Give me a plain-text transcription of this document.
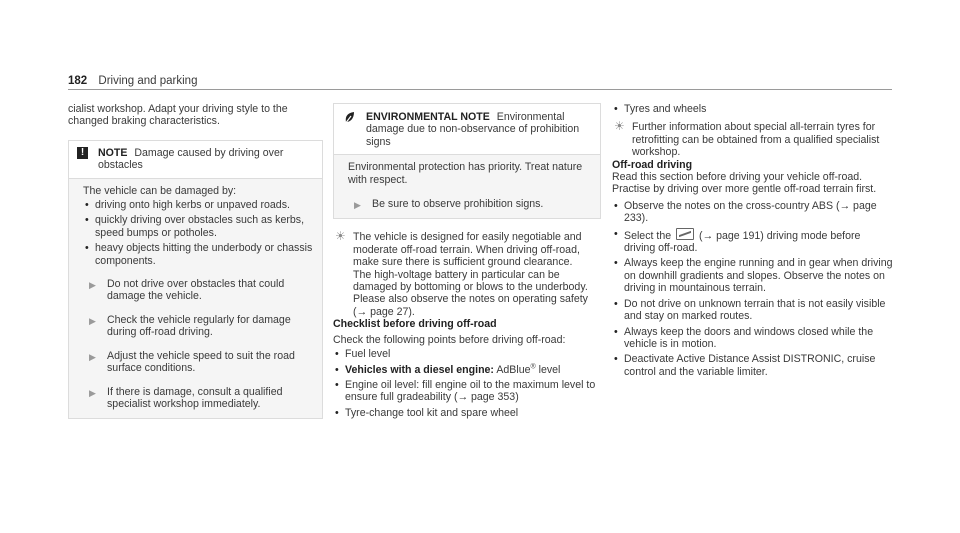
182 Driving and parking

cialist workshop. Adapt your driving style to the changed braking characteristics.

!	NOTE Damage caused by driving over obstacles

The vehicle can be damaged by:

• driving onto high kerbs or unpaved roads.
• quickly driving over obstacles such as kerbs, speed bumps or potholes.
• heavy objects hitting the underbody or chassis components.
▶ Do not drive over obstacles that could damage the vehicle.
▶ Check the vehicle regularly for damage during off-road driving.
▶ Adjust the vehicle speed to suit the road surface conditions.
▶ If there is damage, consult a qualified specialist workshop immediately.
ENVIRONMENTAL NOTE Environmental damage due to non-observance of prohibition signs

Environmental protection has priority. Treat nature with respect.

▶ Be sure to observe prohibition signs.
☀ The vehicle is designed for easily negotiable and moderate off-road terrain. When driving off-road, make sure there is sufficient ground clearance.

The high-voltage battery in particular can be damaged by bottoming or blows to the underbody. Please also observe the notes on operating safety (→ page 27).

Checklist before driving off-road

Check the following points before driving off-road:

• Fuel level
• Vehicles with a diesel engine: AdBlue® level
• Engine oil level: fill engine oil to the maximum level to ensure full gradeability (→ page 353)
• Tyre-change tool kit and spare wheel
• Tyres and wheels
☀ Further information about special all-terrain tyres for retrofitting can be obtained from a qualified specialist workshop.

Off-road driving

Read this section before driving your vehicle off-road. Practise by driving over more gentle off-road terrain first.

• Observe the notes on the cross-country ABS (→ page 233).
• Select the	(→ page 191) driving mode before driving off-road.
• Always keep the engine running and in gear when driving on downhill gradients and slopes. Observe the notes on driving in mountainous terrain.
• Do not drive on unknown terrain that is not easily visible and stay on marked routes.
• Always keep the doors and windows closed while the vehicle is in motion.
• Deactivate Active Distance Assist DISTRONIC, cruise control and the variable limiter.
